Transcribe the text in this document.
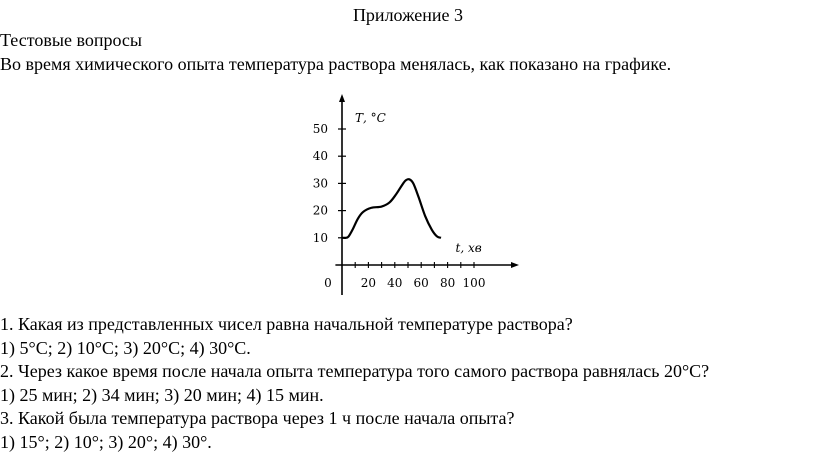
Приложение 3
Тестовые вопросы
Во время химического опыта температура раствора менялась, как показано на графике.
10
20
30
40
50
20 40 60 80 100
0
Т, °С
t, хв
1. Какая из представленных чисел равна начальной температуре раствора?
1) 5°С; 2) 10°С; 3) 20°С; 4) 30°С.
2. Через какое время после начала опыта температура того самого раствора равнялась 20°С?
1) 25 мин; 2) 34 мин; 3) 20 мин; 4) 15 мин.
3. Какой была температура раствора через 1 ч после начала опыта?
1) 15°; 2) 10°; 3) 20°; 4) 30°.
